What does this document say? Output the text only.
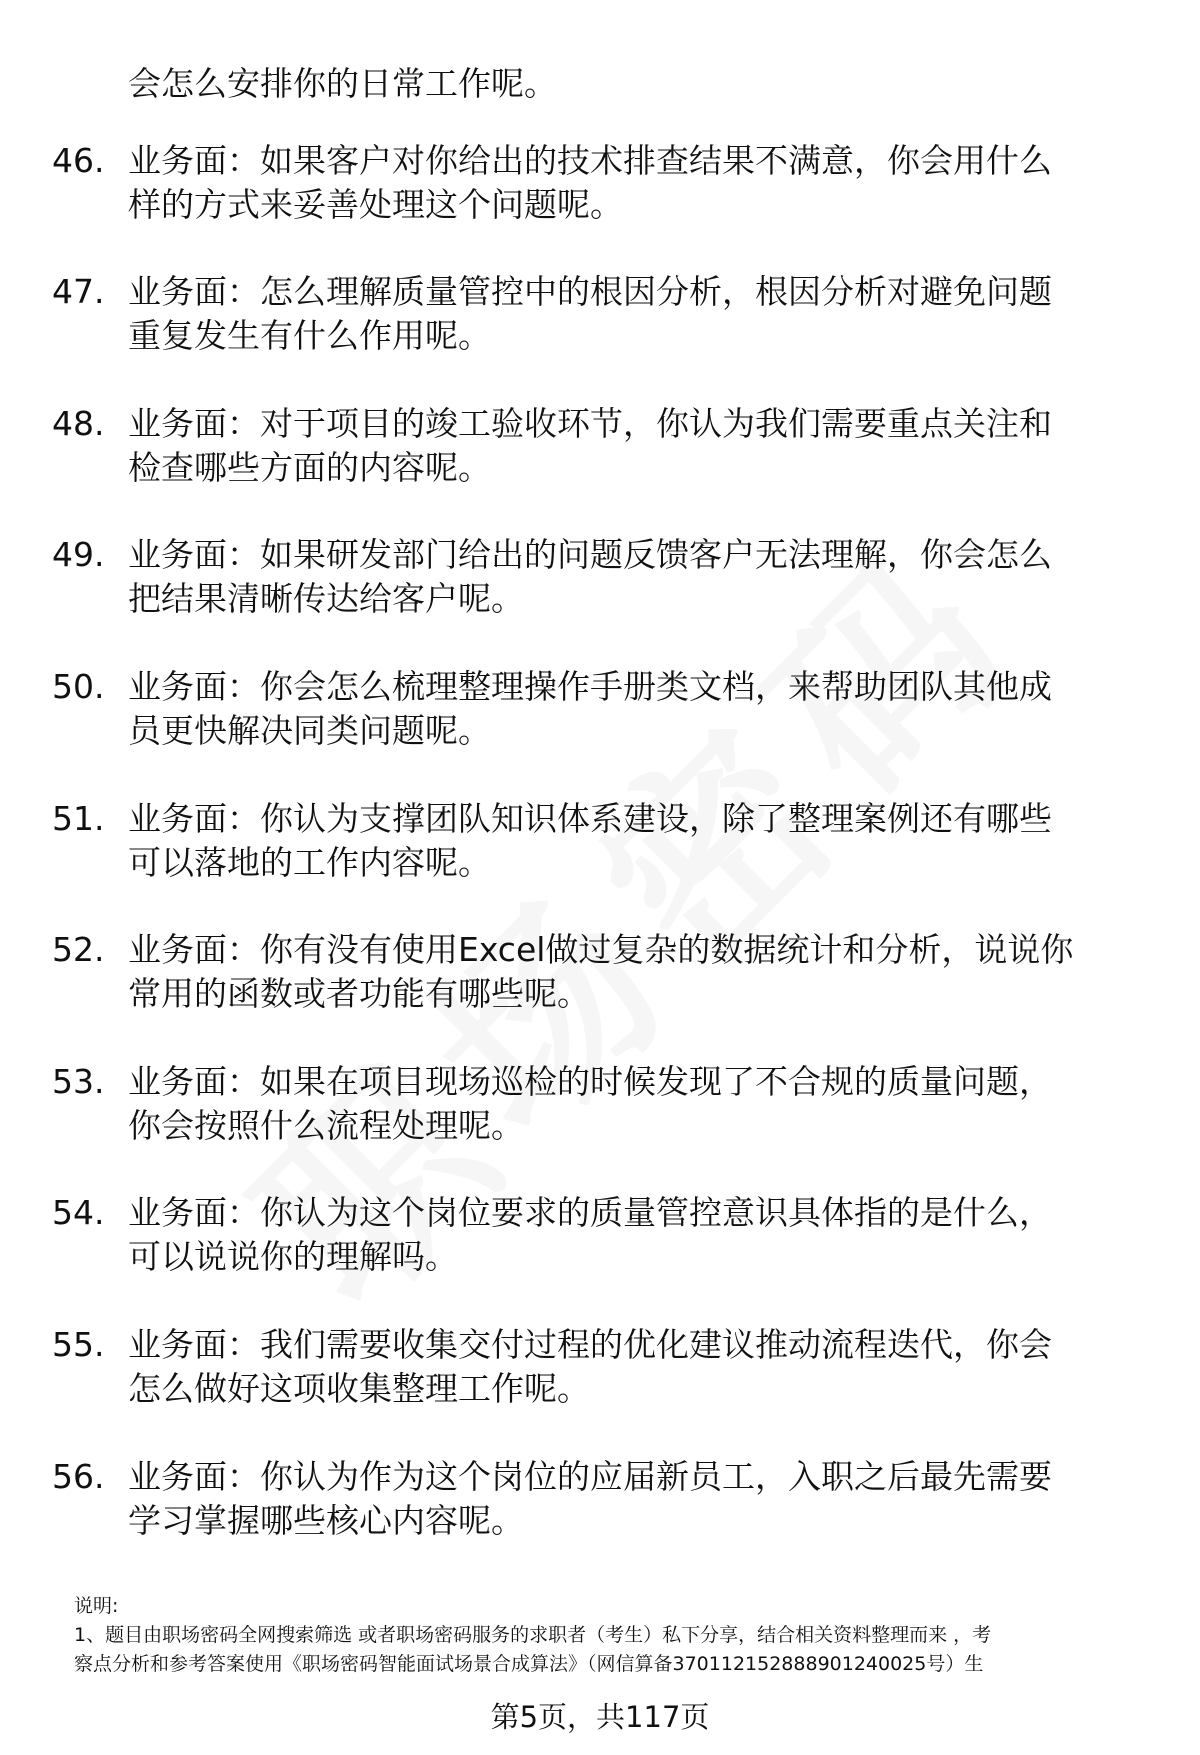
会怎么安排你的日常工作呢。
46. 业务面：如果客户对你给出的技术排查结果不满意，你会用什么
样的方式来妥善处理这个问题呢。
47. 业务面：怎么理解质量管控中的根因分析，根因分析对避免问题
重复发生有什么作用呢。
48. 业务面：对于项目的竣工验收环节，你认为我们需要重点关注和
检查哪些方面的内容呢。
49. 业务面：如果研发部门给出的问题反馈客户无法理解，你会怎么
把结果清晰传达给客户呢。
50. 业务面：你会怎么梳理整理操作手册类文档，来帮助团队其他成
员更快解决同类问题呢。
51. 业务面：你认为支撑团队知识体系建设，除了整理案例还有哪些
可以落地的工作内容呢。
52. 业务面：你有没有使用Excel做过复杂的数据统计和分析，说说你
常用的函数或者功能有哪些呢。
53. 业务面：如果在项目现场巡检的时候发现了不合规的质量问题，
你会按照什么流程处理呢。
54. 业务面：你认为这个岗位要求的质量管控意识具体指的是什么，
可以说说你的理解吗。
55. 业务面：我们需要收集交付过程的优化建议推动流程迭代，你会
怎么做好这项收集整理工作呢。
56. 业务面：你认为作为这个岗位的应届新员工，入职之后最先需要
学习掌握哪些核心内容呢。
说明:
1、题目由职场密码全网搜索筛选 或者职场密码服务的求职者（考生）私下分享，结合相关资料整理而来 ，考
察点分析和参考答案使用《职场密码智能面试场景合成算法》（网信算备370112152888901240025号）生
第5页，共117页
